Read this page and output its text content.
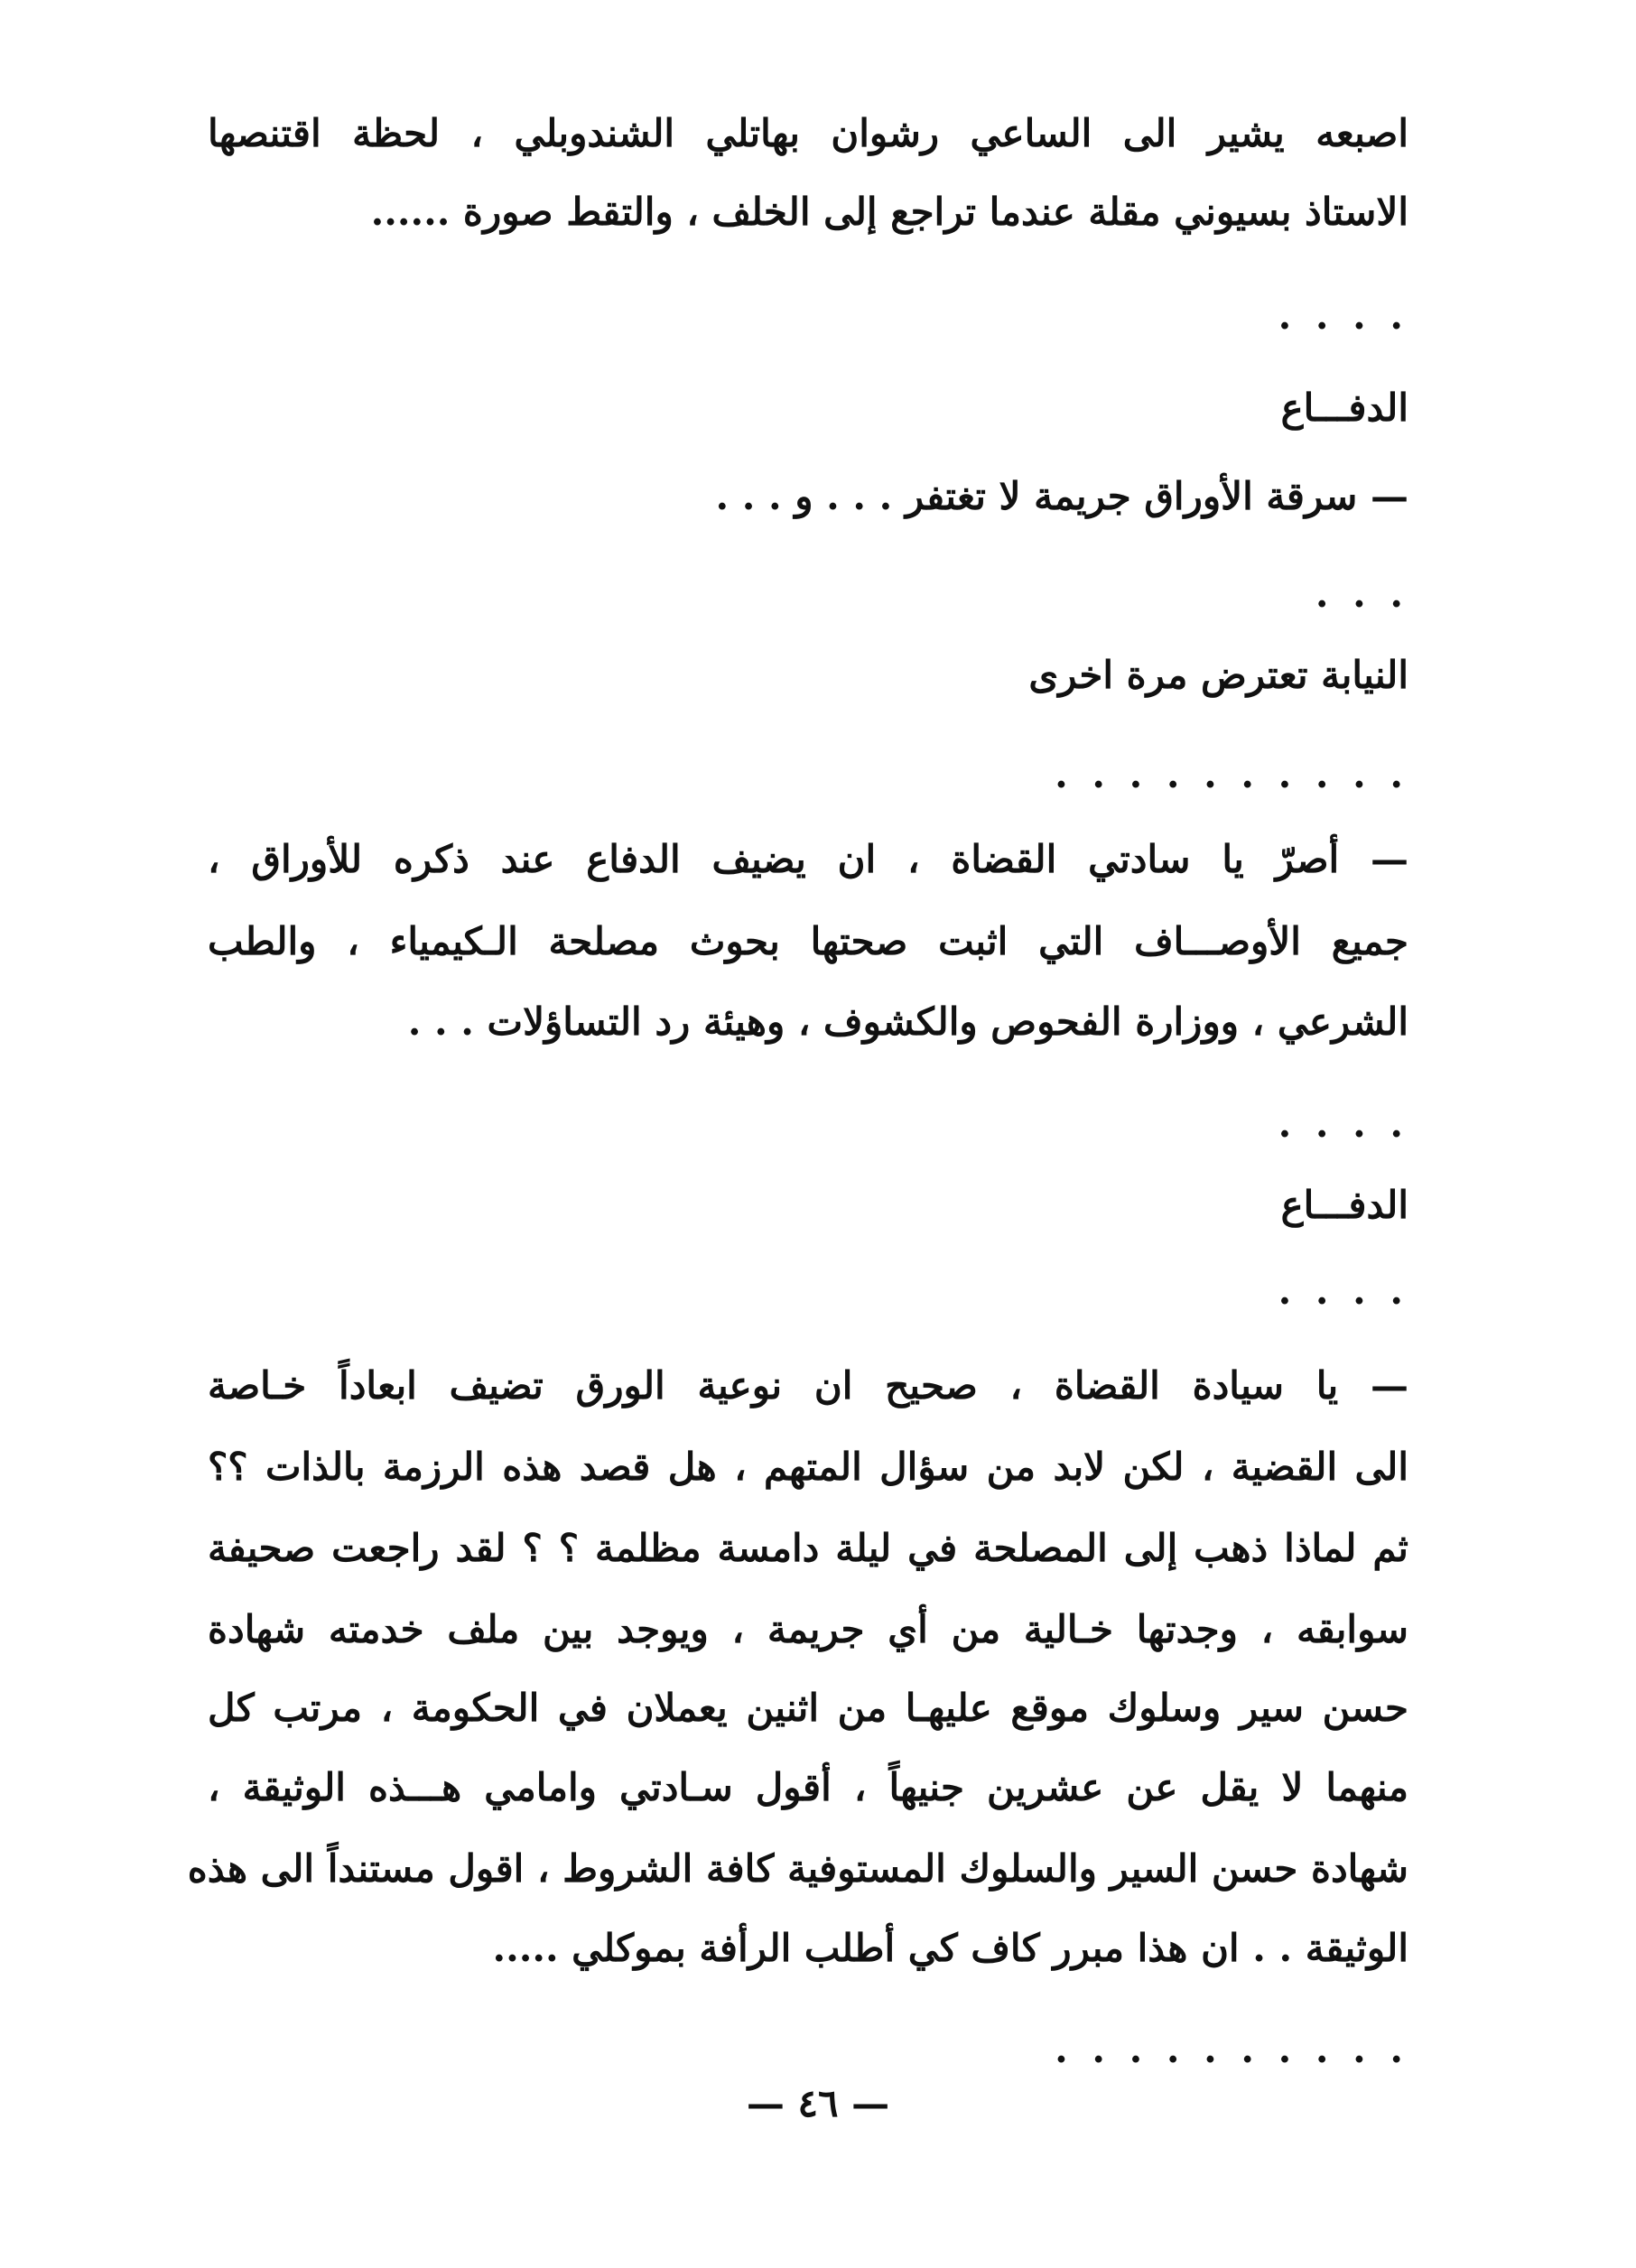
اصبعه يشير الى الساعي رشوان بهاتلي الشندوبلي ، لحظة اقتنصها
الاستاذ بسيوني مقلة عندما تراجع إلى الخلف ، والتقط صورة ......
. . . .
الدفـــاع
— سرقة الأوراق جريمة لا تغتفر . . . و . . .
. . .
النيابة تعترض مرة اخرى
. . . . . . . . . .
— أصرّ يا سادتي القضاة ، ان يضيف الدفاع عند ذكره للأوراق ،
جميع الأوصـــاف التي اثبت صحتها بحوث مصلحة الـكيمياء ، والطب
الشرعي ، ووزارة الفحوص والكشوف ، وهيئة رد التساؤلات . . .
. . . .
الدفـــاع
. . . .
— يا سيادة القضاة ، صحيح ان نوعية الورق تضيف ابعاداً خـاصة
الى القضية ، لكن لابد من سؤال المتهم ، هل قصد هذه الرزمة بالذات ؟؟
ثم لماذا ذهب إلى المصلحة في ليلة دامسة مظلمة ؟ ؟ لقد راجعت صحيفة
سوابقه ، وجدتها خـالية من أي جريمة ، ويوجد بين ملف خدمته شهادة
حسن سير وسلوك موقع عليهـا من اثنين يعملان في الحكومة ، مرتب كل
منهما لا يقل عن عشرين جنيهاً ، أقول سـادتي وامامي هـــذه الوثيقة ،
شهادة حسن السير والسلوك المستوفية كافة الشروط ، اقول مستنداً الى هذه
الوثيقة . . ان هذا مبرر كاف كي أطلب الرأفة بموكلي .....
. . . . . . . . . .
— ٤٦ —
